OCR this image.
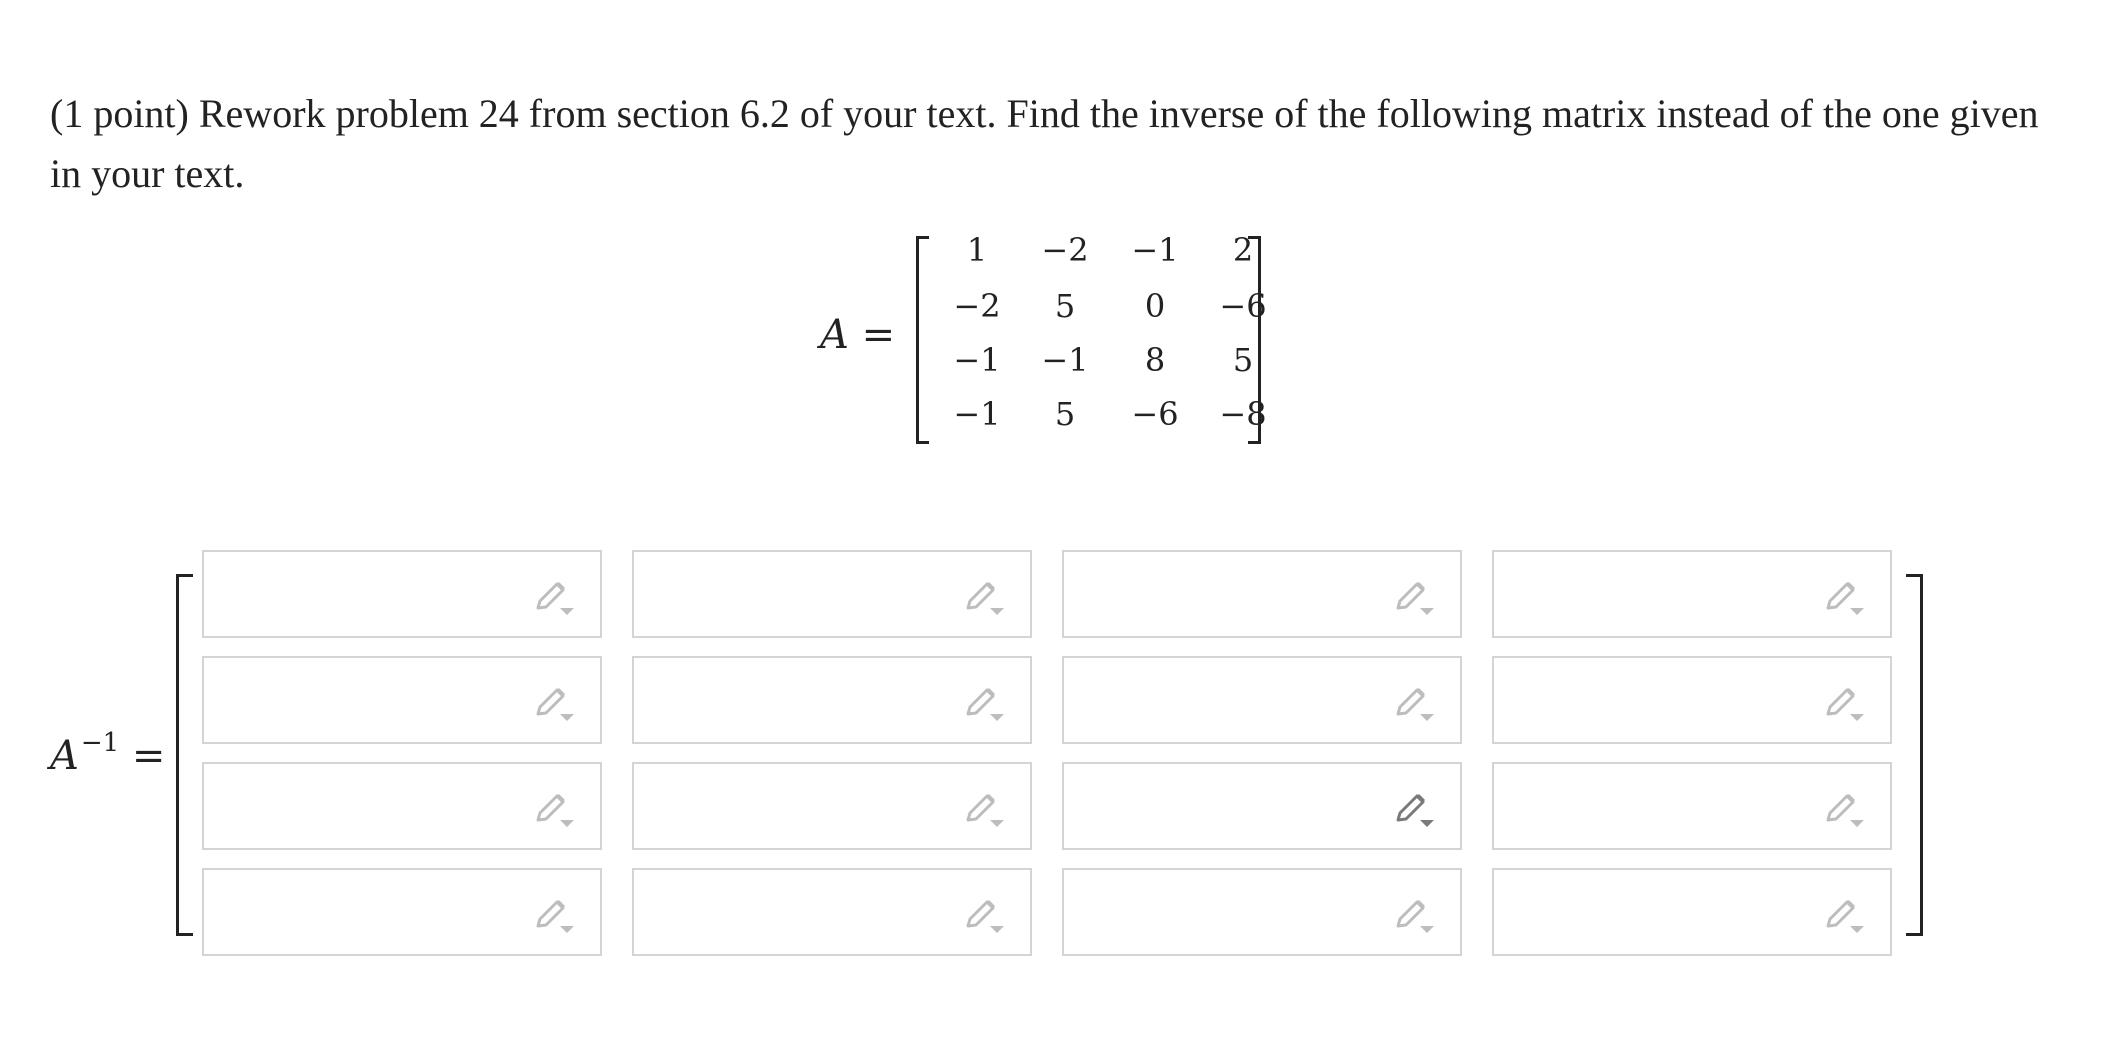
(1 point) Rework problem 24 from section 6.2 of your text. Find the inverse of the following matrix instead of the one given in your text.
A =
1	−2	−1	2
−2	5	0	−6
−1	−1	8	5
−1	5	−6	−8
$A^{-1}$ =
